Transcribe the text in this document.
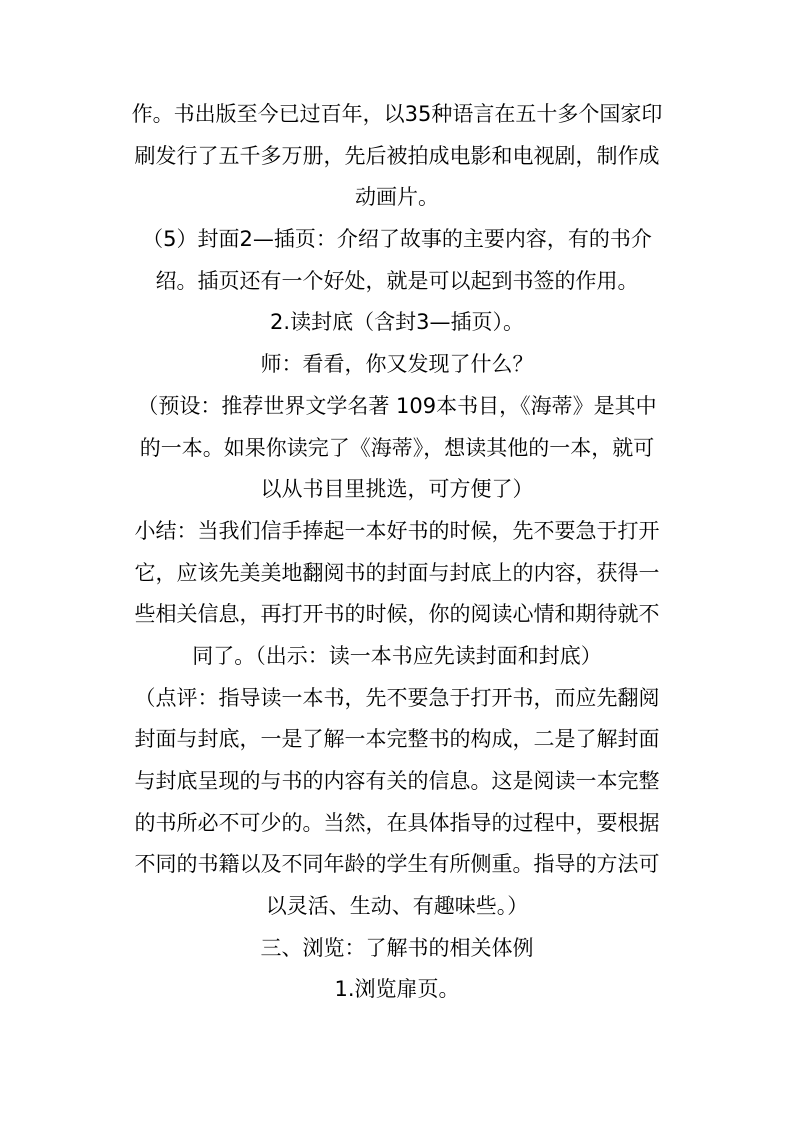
作。书出版至今已过百年，以35种语言在五十多个国家印
刷发行了五千多万册，先后被拍成电影和电视剧，制作成
动画片。
（5）封面2—插页：介绍了故事的主要内容，有的书介
绍。插页还有一个好处，就是可以起到书签的作用。
2.读封底（含封3—插页）。
师：看看，你又发现了什么？
（预设：推荐世界文学名著 109本书目，《海蒂》是其中
的一本。如果你读完了《海蒂》，想读其他的一本，就可
以从书目里挑选，可方便了）
小结：当我们信手捧起一本好书的时候，先不要急于打开
它，应该先美美地翻阅书的封面与封底上的内容，获得一
些相关信息，再打开书的时候，你的阅读心情和期待就不
同了。（出示：读一本书应先读封面和封底）
（点评：指导读一本书，先不要急于打开书，而应先翻阅
封面与封底，一是了解一本完整书的构成，二是了解封面
与封底呈现的与书的内容有关的信息。这是阅读一本完整
的书所必不可少的。当然，在具体指导的过程中，要根据
不同的书籍以及不同年龄的学生有所侧重。指导的方法可
以灵活、生动、有趣味些。）
三、浏览：了解书的相关体例
1.浏览扉页。
